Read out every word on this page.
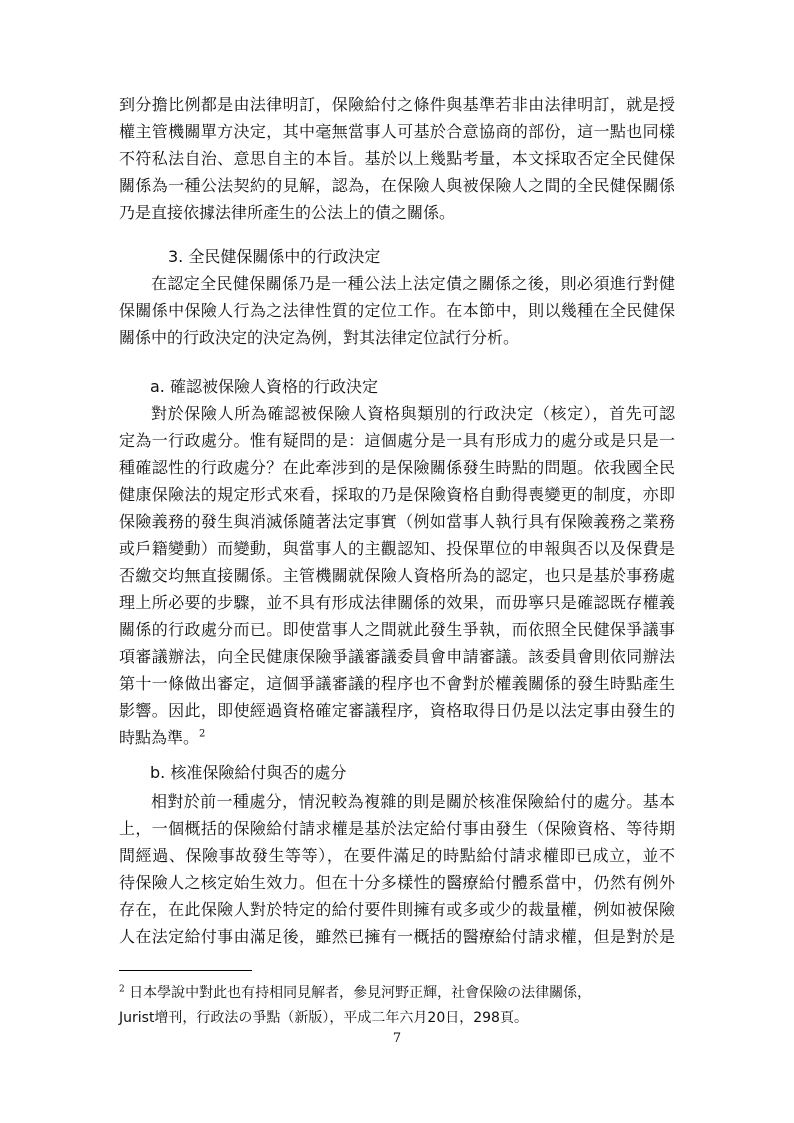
到分擔比例都是由法律明訂，保險給付之條件與基準若非由法律明訂，就是授
權主管機關單方決定，其中毫無當事人可基於合意協商的部份，這一點也同樣
不符私法自治、意思自主的本旨。基於以上幾點考量，本文採取否定全民健保
關係為一種公法契約的見解，認為，在保險人與被保險人之間的全民健保關係
乃是直接依據法律所產生的公法上的債之關係。
3. 全民健保關係中的行政決定
在認定全民健保關係乃是一種公法上法定債之關係之後，則必須進行對健
保關係中保險人行為之法律性質的定位工作。在本節中，則以幾種在全民健保
關係中的行政決定的決定為例，對其法律定位試行分析。
a. 確認被保險人資格的行政決定
對於保險人所為確認被保險人資格與類別的行政決定（核定），首先可認
定為一行政處分。惟有疑問的是：這個處分是一具有形成力的處分或是只是一
種確認性的行政處分？在此牽涉到的是保險關係發生時點的問題。依我國全民
健康保險法的規定形式來看，採取的乃是保險資格自動得喪變更的制度，亦即
保險義務的發生與消滅係隨著法定事實（例如當事人執行具有保險義務之業務
或戶籍變動）而變動，與當事人的主觀認知、投保單位的申報與否以及保費是
否繳交均無直接關係。主管機關就保險人資格所為的認定，也只是基於事務處
理上所必要的步驟，並不具有形成法律關係的效果，而毋寧只是確認既存權義
關係的行政處分而已。即使當事人之間就此發生爭執，而依照全民健保爭議事
項審議辦法，向全民健康保險爭議審議委員會申請審議。該委員會則依同辦法
第十一條做出審定，這個爭議審議的程序也不會對於權義關係的發生時點產生
影響。因此，即使經過資格確定審議程序，資格取得日仍是以法定事由發生的
時點為準。$^2$
b. 核准保險給付與否的處分
相對於前一種處分，情況較為複雜的則是關於核准保險給付的處分。基本
上，一個概括的保險給付請求權是基於法定給付事由發生（保險資格、等待期
間經過、保險事故發生等等），在要件滿足的時點給付請求權即已成立，並不
待保險人之核定始生效力。但在十分多樣性的醫療給付體系當中，仍然有例外
存在，在此保險人對於特定的給付要件則擁有或多或少的裁量權，例如被保險
人在法定給付事由滿足後，雖然已擁有一概括的醫療給付請求權，但是對於是
$^2$ 日本學說中對此也有持相同見解者，參見河野正輝，社會保險の法律關係，
Jurist增刊，行政法の爭點（新版），平成二年六月20日，298頁。
7
